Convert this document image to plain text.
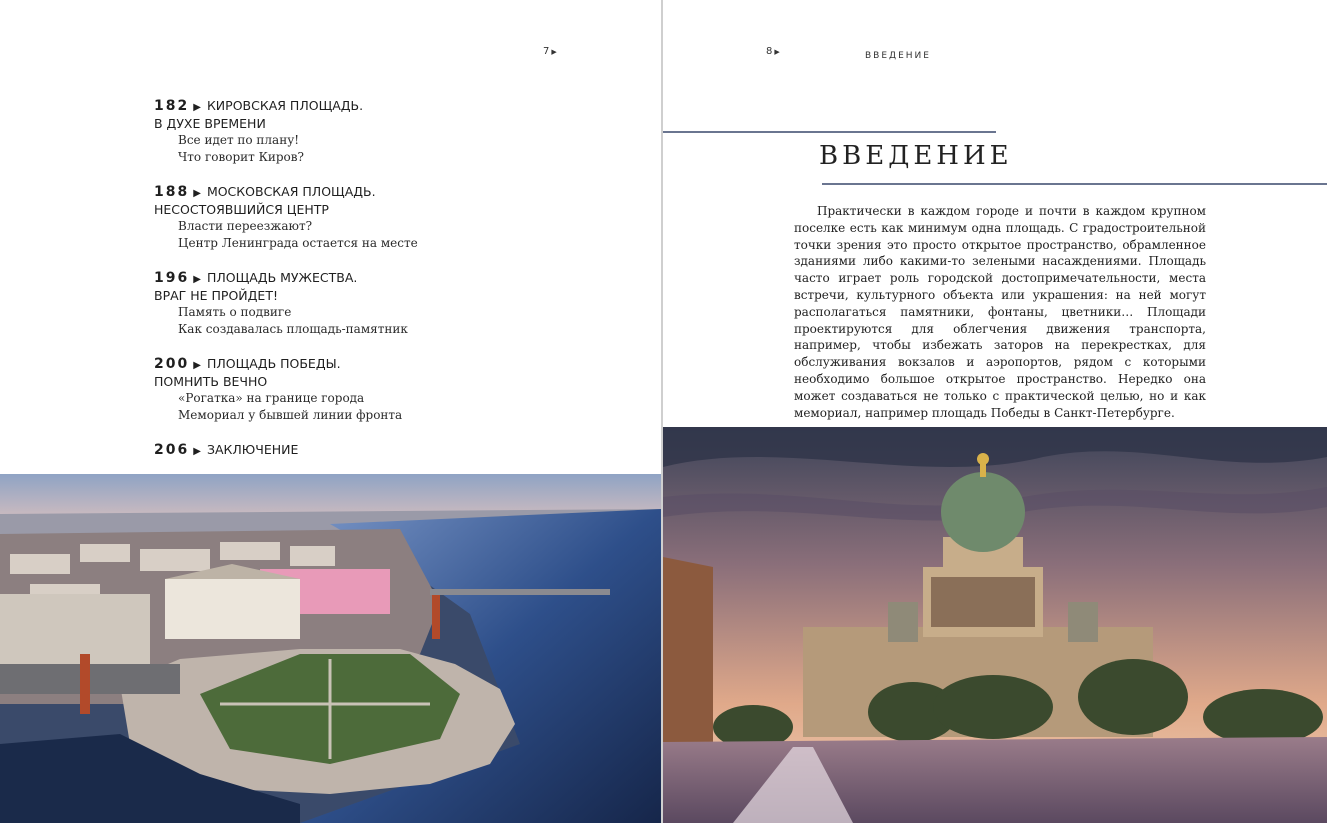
7 ▶
182 ▶ КИРОВСКАЯ ПЛОЩАДЬ.
В ДУХЕ ВРЕМЕНИ
Все идет по плану!
Что говорит Киров?
188 ▶ МОСКОВСКАЯ ПЛОЩАДЬ.
НЕСОСТОЯВШИЙСЯ ЦЕНТР
Власти переезжают?
Центр Ленинграда остается на месте
196 ▶ ПЛОЩАДЬ МУЖЕСТВА.
ВРАГ НЕ ПРОЙДЕТ!
Память о подвиге
Как создавалась площадь-памятник
200 ▶ ПЛОЩАДЬ ПОБЕДЫ.
ПОМНИТЬ ВЕЧНО
«Рогатка» на границе города
Мемориал у бывшей линии фронта
206 ▶ ЗАКЛЮЧЕНИЕ
8 ▶	ВВЕДЕНИЕ
ВВЕДЕНИЕ

Практически в каждом городе и почти в каждом крупном поселке есть как минимум одна площадь. С градостроительной точки зрения это просто открытое пространство, обрамленное зданиями либо какими-то зелеными насаждениями. Площадь часто играет роль городской достопримечательности, места встречи, культурного объекта или украшения: на ней могут располагаться памятники, фонтаны, цветники… Площади проектируются для облегчения движения транспорта, например, чтобы избежать заторов на перекрестках, для обслуживания вокзалов и аэропортов, рядом с которыми необходимо большое открытое пространство. Нередко она может создаваться не только с практической целью, но и как мемориал, например площадь Победы в Санкт-Петербурге.
